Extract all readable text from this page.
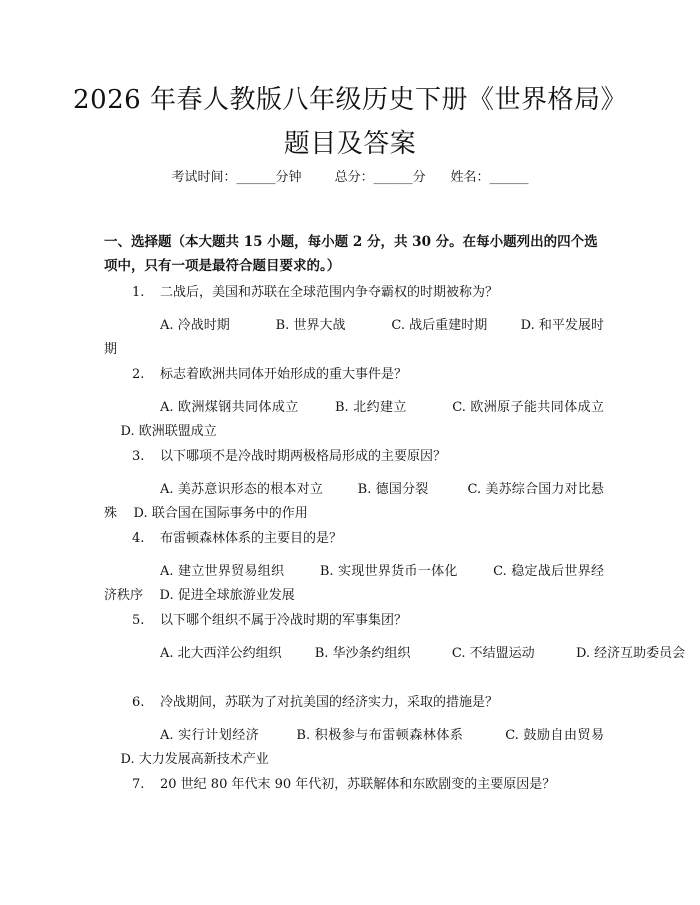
2026 年春人教版八年级历史下册《世界格局》题目及答案
考试时间：______分钟	总分：______分 姓名：______
一、选择题（本大题共 15 小题，每小题 2 分，共 30 分。在每小题列出的四个选项中，只有一项是最符合题目要求的。）
1. 二战后，美国和苏联在全球范围内争夺霸权的时期被称为？
A. 冷战时期	B. 世界大战	C. 战后重建时期	D. 和平发展时期
2. 标志着欧洲共同体开始形成的重大事件是？
A. 欧洲煤钢共同体成立	B. 北约建立	C. 欧洲原子能共同体成立    D. 欧洲联盟成立
3. 以下哪项不是冷战时期两极格局形成的主要原因？
A. 美苏意识形态的根本对立	B. 德国分裂	C. 美苏综合国力对比悬殊 D. 联合国在国际事务中的作用
4. 布雷顿森林体系的主要目的是？
A. 建立世界贸易组织	B. 实现世界货币一体化	C. 稳定战后世界经济秩序 D. 促进全球旅游业发展
5. 以下哪个组织不属于冷战时期的军事集团？
A. 北大西洋公约组织	B. 华沙条约组织	C. 不结盟运动	D. 经济互助委员会
6. 冷战期间，苏联为了对抗美国的经济实力，采取的措施是？
A. 实行计划经济	B. 积极参与布雷顿森林体系	C. 鼓励自由贸易    D. 大力发展高新技术产业
7. 20 世纪 80 年代末 90 年代初，苏联解体和东欧剧变的主要原因是？
